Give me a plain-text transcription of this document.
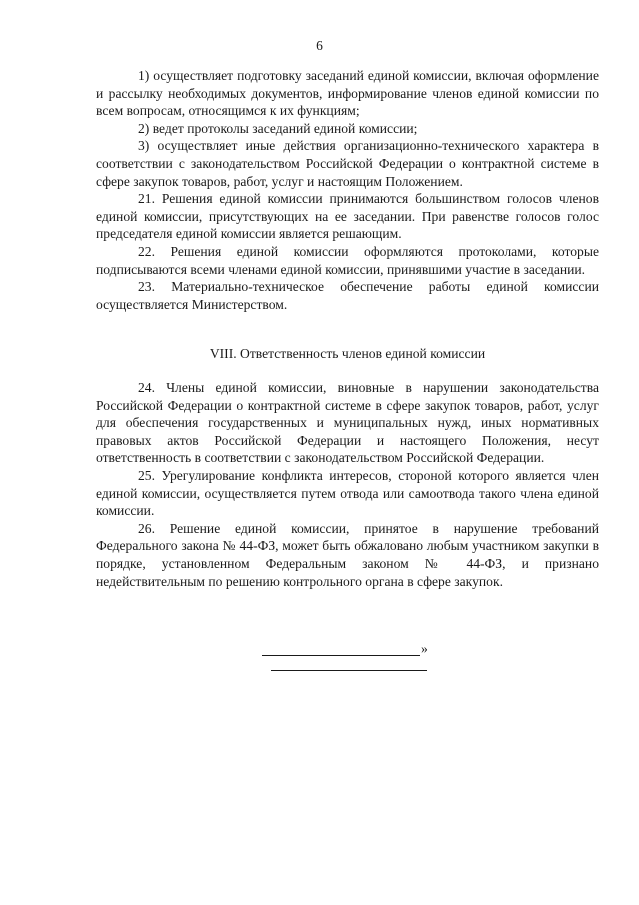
6

1) осуществляет подготовку заседаний единой комиссии, включая оформление и рассылку необходимых документов, информирование членов единой комиссии по всем вопросам, относящимся к их функциям;

2) ведет протоколы заседаний единой комиссии;

3) осуществляет иные действия организационно-технического характера в соответствии с законодательством Российской Федерации о контрактной системе в сфере закупок товаров, работ, услуг и настоящим Положением.

21. Решения единой комиссии принимаются большинством голосов членов единой комиссии, присутствующих на ее заседании. При равенстве голосов голос председателя единой комиссии является решающим.

22. Решения единой комиссии оформляются протоколами, которые подписываются всеми членами единой комиссии, принявшими участие в заседании.

23. Материально-техническое обеспечение работы единой комиссии осуществляется Министерством.

VIII. Ответственность членов единой комиссии

24. Члены единой комиссии, виновные в нарушении законодательства Российской Федерации о контрактной системе в сфере закупок товаров, работ, услуг для обеспечения государственных и муниципальных нужд, иных нормативных правовых актов Российской Федерации и настоящего Положения, несут ответственность в соответствии с законодательством Российской Федерации.

25. Урегулирование конфликта интересов, стороной которого является член единой комиссии, осуществляется путем отвода или самоотвода такого члена единой комиссии.

26. Решение единой комиссии, принятое в нарушение требований Федерального закона № 44-ФЗ, может быть обжаловано любым участником закупки в порядке, установленном Федеральным законом № 44-ФЗ, и признано недействительным по решению контрольного органа в сфере закупок.

»
